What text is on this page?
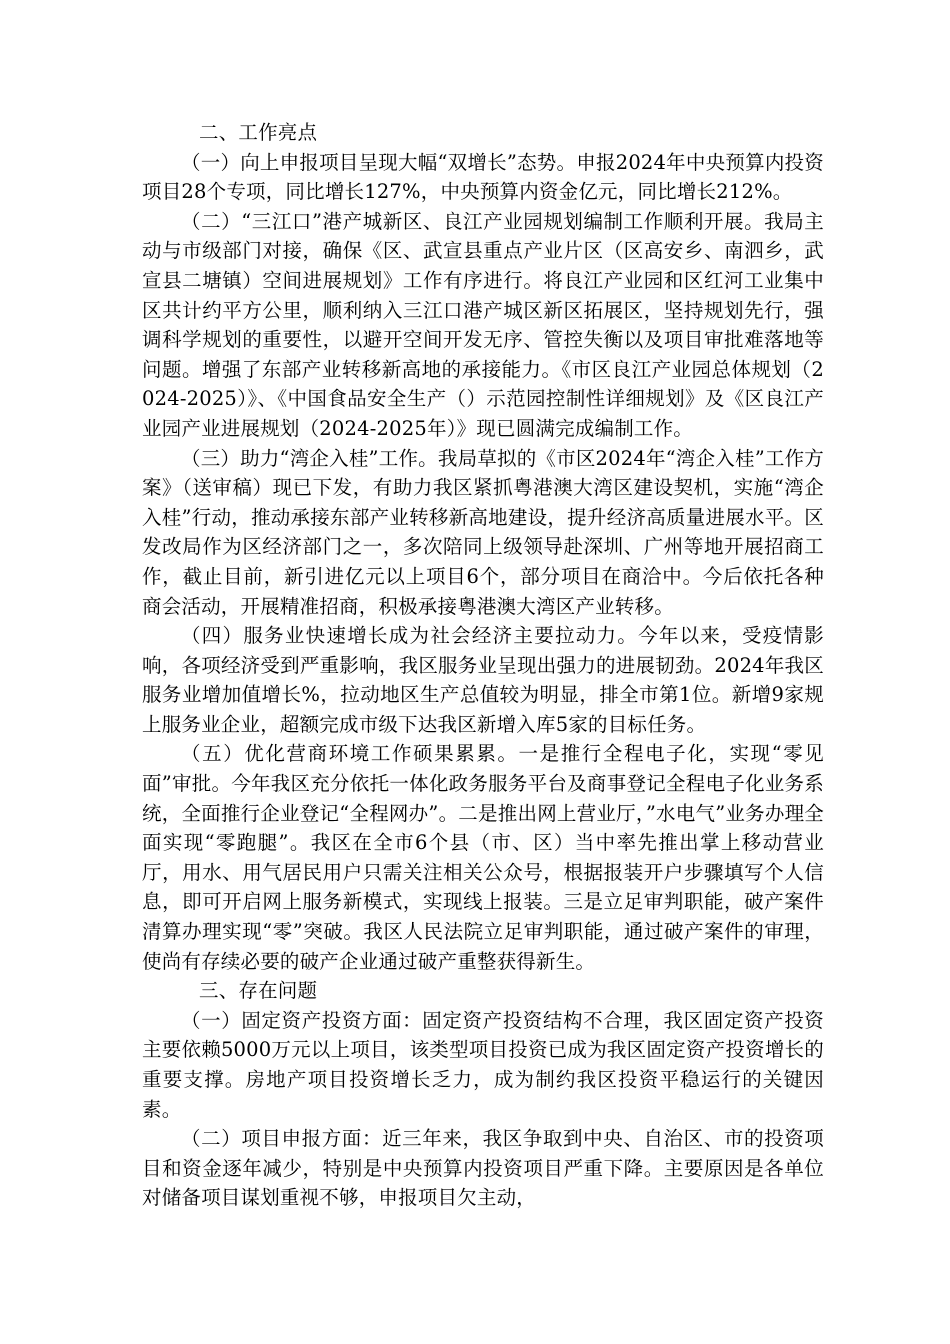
二、工作亮点

（一）向上申报项目呈现大幅“双增长”态势。申报2024年中央预算内投资项目28个专项，同比增长127%，中央预算内资金亿元，同比增长212%。

（二）“三江口”港产城新区、良江产业园规划编制工作顺利开展。我局主动与市级部门对接，确保《区、武宣县重点产业片区（区高安乡、南泗乡，武宣县二塘镇）空间进展规划》工作有序进行。将良江产业园和区红河工业集中区共计约平方公里，顺利纳入三江口港产城区新区拓展区，坚持规划先行，强调科学规划的重要性，以避开空间开发无序、管控失衡以及项目审批难落地等问题。增强了东部产业转移新高地的承接能力。《市区良江产业园总体规划（2024-2025）》、《中国食品安全生产（）示范园控制性详细规划》及《区良江产业园产业进展规划（2024-2025年）》现已圆满完成编制工作。

（三）助力“湾企入桂”工作。我局草拟的《市区2024年“湾企入桂”工作方案》（送审稿）现已下发，有助力我区紧抓粤港澳大湾区建设契机，实施“湾企入桂”行动，推动承接东部产业转移新高地建设，提升经济高质量进展水平。区发改局作为区经济部门之一，多次陪同上级领导赴深圳、广州等地开展招商工作，截止目前，新引进亿元以上项目6个，部分项目在商洽中。今后依托各种商会活动，开展精准招商，积极承接粤港澳大湾区产业转移。

（四）服务业快速增长成为社会经济主要拉动力。今年以来，受疫情影响，各项经济受到严重影响，我区服务业呈现出强力的进展韧劲。2024年我区服务业增加值增长%，拉动地区生产总值较为明显，排全市第1位。新增9家规上服务业企业，超额完成市级下达我区新增入库5家的目标任务。

（五）优化营商环境工作硕果累累。一是推行全程电子化，实现“零见面”审批。今年我区充分依托一体化政务服务平台及商事登记全程电子化业务系统，全面推行企业登记“全程网办”。二是推出网上营业厅，”水电气”业务办理全面实现“零跑腿”。我区在全市6个县（市、区）当中率先推出掌上移动营业厅，用水、用气居民用户只需关注相关公众号，根据报装开户步骤填写个人信息，即可开启网上服务新模式，实现线上报装。三是立足审判职能，破产案件清算办理实现“零”突破。我区人民法院立足审判职能，通过破产案件的审理，使尚有存续必要的破产企业通过破产重整获得新生。

三、存在问题

（一）固定资产投资方面：固定资产投资结构不合理，我区固定资产投资主要依赖5000万元以上项目，该类型项目投资已成为我区固定资产投资增长的重要支撑。房地产项目投资增长乏力，成为制约我区投资平稳运行的关键因素。

（二）项目申报方面：近三年来，我区争取到中央、自治区、市的投资项目和资金逐年减少，特别是中央预算内投资项目严重下降。主要原因是各单位对储备项目谋划重视不够，申报项目欠主动，
